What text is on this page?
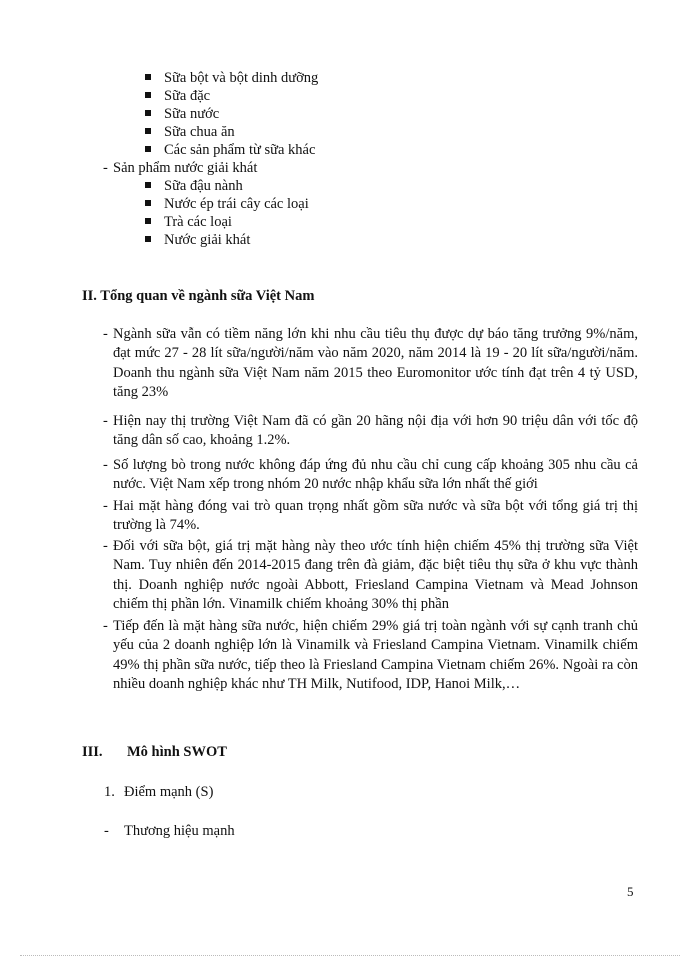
Sữa bột và bột dinh dưỡng
Sữa đặc
Sữa nước
Sữa chua ăn
Các sản phẩm từ sữa khác
- Sản phẩm nước giải khát
Sữa đậu nành
Nước ép trái cây các loại
Trà các loại
Nước giải khát
II. Tổng quan về ngành sữa Việt Nam
- Ngành sữa vẫn có tiềm năng lớn khi nhu cầu tiêu thụ được dự báo tăng trưởng 9%/năm, đạt mức 27 - 28 lít sữa/người/năm vào năm 2020, năm 2014 là 19 - 20 lít sữa/người/năm. Doanh thu ngành sữa Việt Nam năm 2015 theo Euromonitor ước tính đạt trên 4 tỷ USD, tăng 23%
- Hiện nay thị trường Việt Nam đã có gần 20 hãng nội địa với hơn 90 triệu dân với tốc độ tăng dân số cao, khoảng 1.2%.
- Số lượng bò trong nước không đáp ứng đủ nhu cầu chỉ cung cấp khoảng 305 nhu cầu cả nước. Việt Nam xếp trong nhóm 20 nước nhập khẩu sữa lớn nhất thế giới
- Hai mặt hàng đóng vai trò quan trọng nhất gồm sữa nước và sữa bột với tổng giá trị thị trường là 74%.
- Đối với sữa bột, giá trị mặt hàng này theo ước tính hiện chiếm 45% thị trường sữa Việt Nam. Tuy nhiên đến 2014-2015 đang trên đà giảm, đặc biệt tiêu thụ sữa ở khu vực thành thị. Doanh nghiệp nước ngoài Abbott, Friesland Campina Vietnam và Mead Johnson chiếm thị phần lớn. Vinamilk chiếm khoảng 30% thị phần
- Tiếp đến là mặt hàng sữa nước, hiện chiếm 29% giá trị toàn ngành với sự cạnh tranh chủ yếu của 2 doanh nghiệp lớn là Vinamilk và Friesland Campina Vietnam. Vinamilk chiếm 49% thị phần sữa nước, tiếp theo là Friesland Campina Vietnam chiếm 26%. Ngoài ra còn nhiều doanh nghiệp khác như TH Milk, Nutifood, IDP, Hanoi Milk,…
III. Mô hình SWOT
1. Điểm mạnh (S)
- Thương hiệu mạnh
5
